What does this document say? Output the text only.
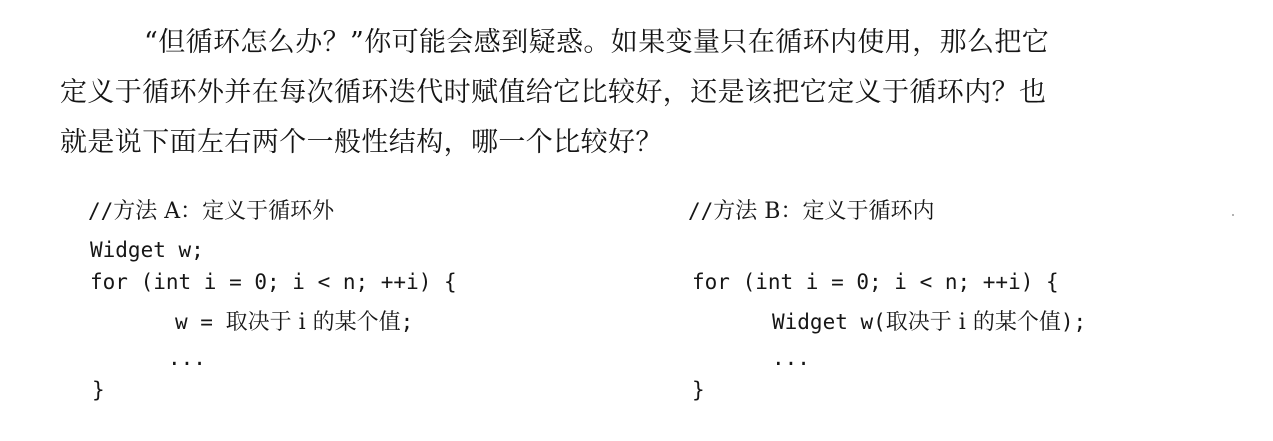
“但循环怎么办？”你可能会感到疑惑。如果变量只在循环内使用，那么把它
定义于循环外并在每次循环迭代时赋值给它比较好，还是该把它定义于循环内？也
就是说下面左右两个一般性结构，哪一个比较好？
//方法 A：定义于循环外
Widget w;
for (int i = 0; i < n; ++i) {
w = 取决于 i 的某个值;
...
}
//方法 B：定义于循环内
for (int i = 0; i < n; ++i) {
Widget w(取决于 i 的某个值);
...
}
